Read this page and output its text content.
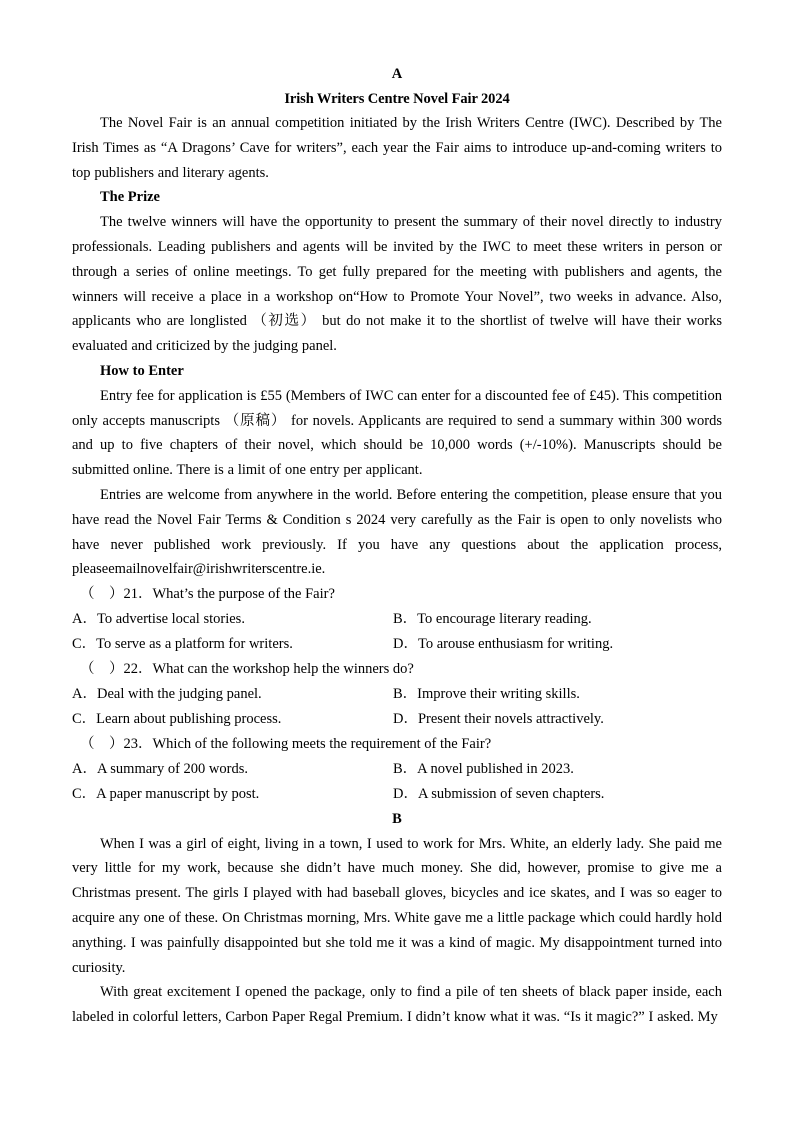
A
Irish Writers Centre Novel Fair 2024

The Novel Fair is an annual competition initiated by the Irish Writers Centre (IWC). Described by The Irish Times as “A Dragons’ Cave for writers”, each year the Fair aims to introduce up-and-coming writers to top publishers and literary agents.

The Prize

The twelve winners will have the opportunity to present the summary of their novel directly to industry professionals. Leading publishers and agents will be invited by the IWC to meet these writers in person or through a series of online meetings. To get fully prepared for the meeting with publishers and agents, the winners will receive a place in a workshop on“How to Promote Your Novel”, two weeks in advance. Also, applicants who are longlisted （初选） but do not make it to the shortlist of twelve will have their works evaluated and criticized by the judging panel.

How to Enter

Entry fee for application is £55 (Members of IWC can enter for a discounted fee of £45). This competition only accepts manuscripts （原稿） for novels. Applicants are required to send a summary within 300 words and up to five chapters of their novel, which should be 10,000 words (+/-10%). Manuscripts should be submitted online. There is a limit of one entry per applicant.

Entries are welcome from anywhere in the world. Before entering the competition, please ensure that you have read the Novel Fair Terms & Condition s 2024 very carefully as the Fair is open to only novelists who have never published work previously. If you have any questions about the application process, pleaseemailnovelfair@irishwriterscentre.ie.

（    ）21．What’s the purpose of the Fair?
A．To advertise local stories.	B．To encourage literary reading.
C．To serve as a platform for writers.	D．To arouse enthusiasm for writing.
（    ）22．What can the workshop help the winners do?
A．Deal with the judging panel.	B．Improve their writing skills.
C．Learn about publishing process.	D．Present their novels attractively.
（    ）23．Which of the following meets the requirement of the Fair?
A．A summary of 200 words.	B．A novel published in 2023.
C．A paper manuscript by post.	D．A submission of seven chapters.
B

When I was a girl of eight, living in a town, I used to work for Mrs. White, an elderly lady. She paid me very little for my work, because she didn’t have much money. She did, however, promise to give me a Christmas present. The girls I played with had baseball gloves, bicycles and ice skates, and I was so eager to acquire any one of these. On Christmas morning, Mrs. White gave me a little package which could hardly hold anything. I was painfully disappointed but she told me it was a kind of magic. My disappointment turned into curiosity.

With great excitement I opened the package, only to find a pile of ten sheets of black paper inside, each labeled in colorful letters, Carbon Paper Regal Premium. I didn’t know what it was. “Is it magic?” I asked. My
